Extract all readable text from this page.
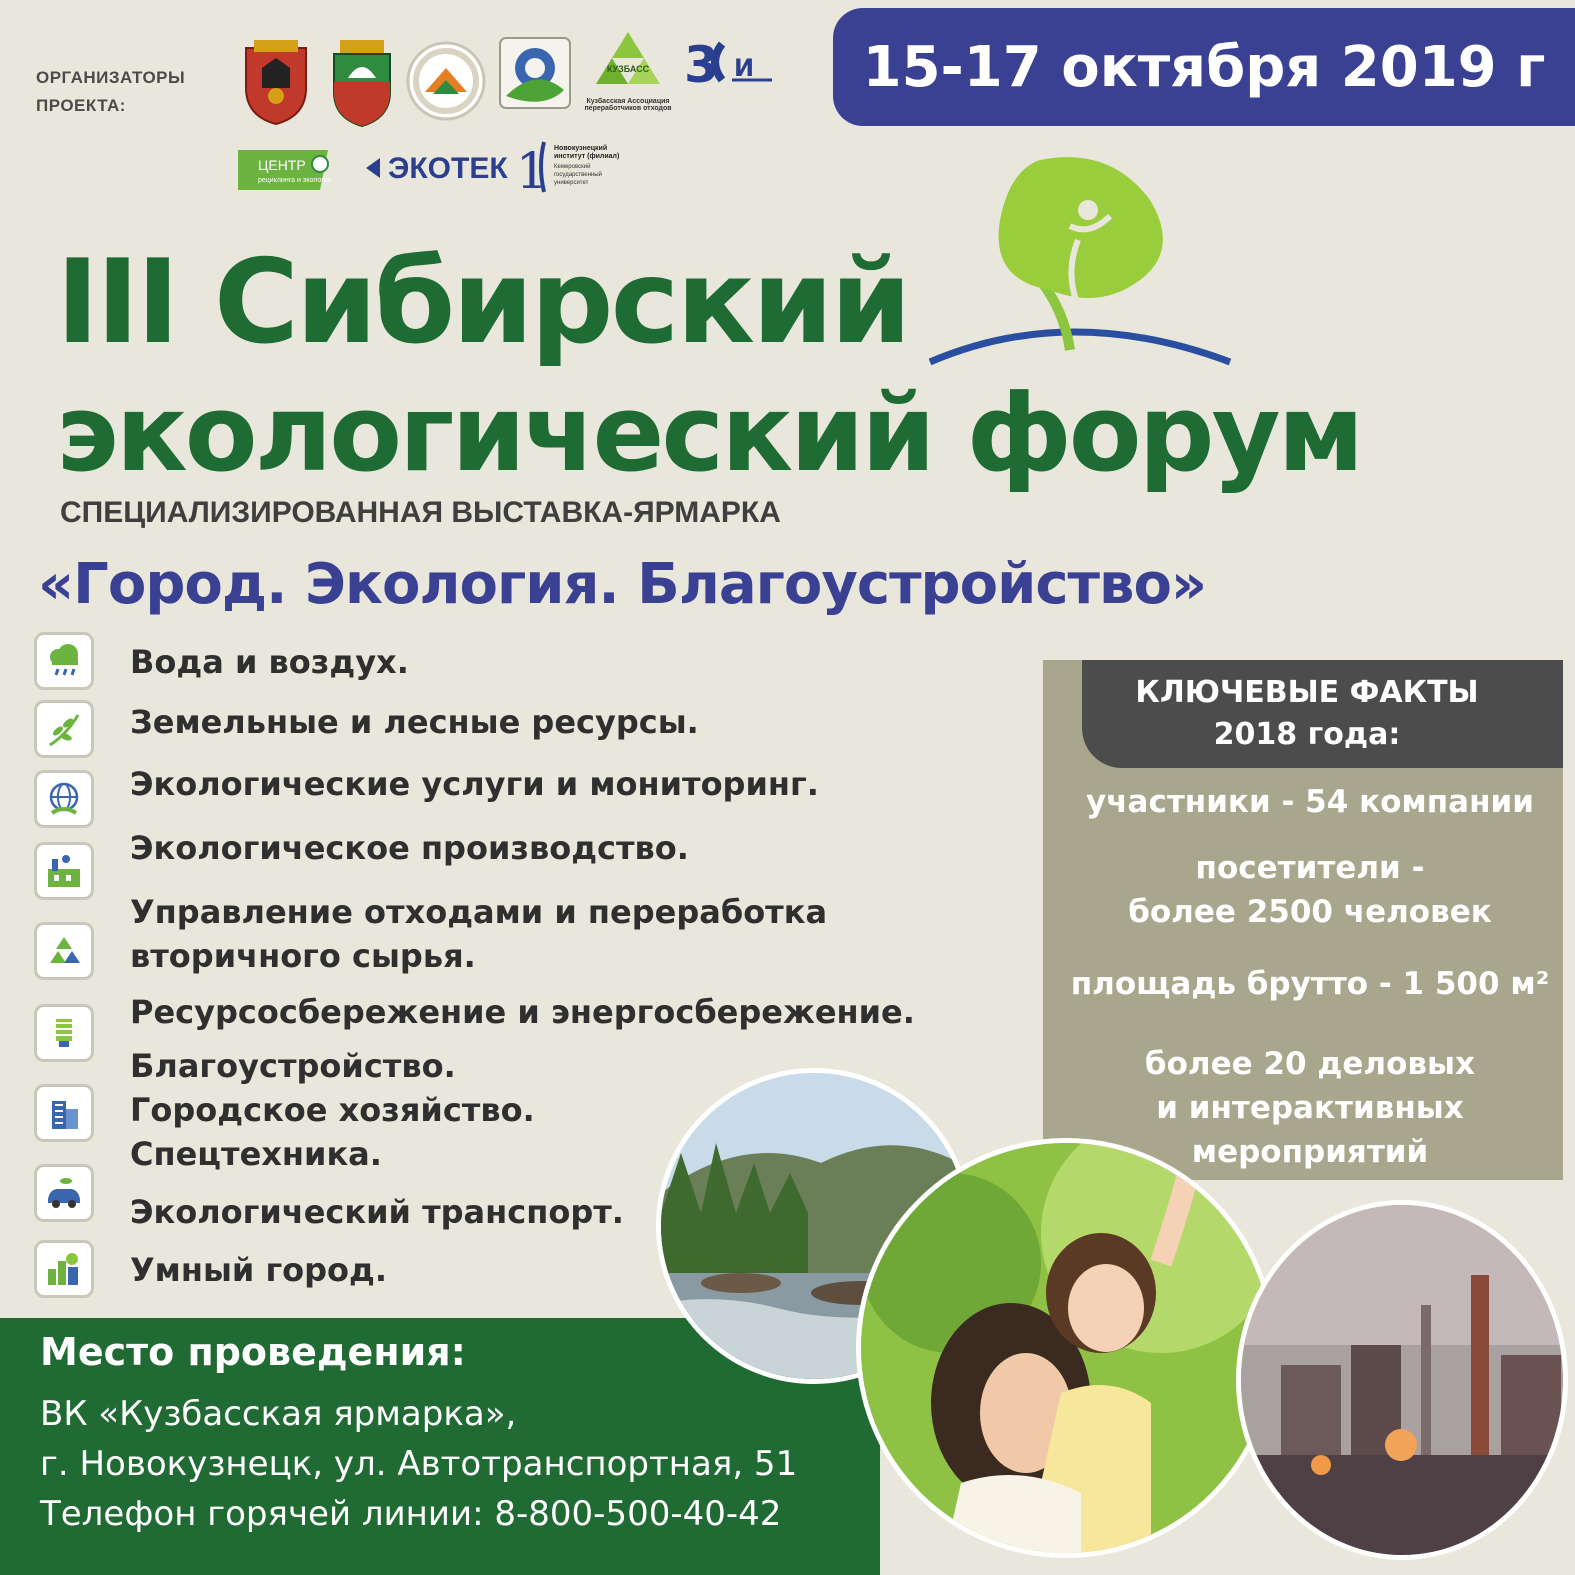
ОРГАНИЗАТОРЫ
ПРОЕКТА:
КУЗБАСС
Кузбасская Ассоциация переработчиков отходов
3 И
ЦЕНТР
рециклинга и экологии ЭКОТЕК 1 Новокузнецкий
институт (филиал)
Кемеровский
государственный
университет
15-17 октября 2019 г
III Сибирский
экологический форум
СПЕЦИАЛИЗИРОВАННАЯ ВЫСТАВКА-ЯРМАРКА
«Город. Экология. Благоустройство»
Вода и воздух.
Земельные и лесные ресурсы.
Экологические услуги и мониторинг.
Экологическое производство.
Управление отходами и переработка
вторичного сырья.
Ресурсосбережение и энергосбережение.
Благоустройство.
Городское хозяйство.
Спецтехника.
Экологический транспорт.
Умный город.
КЛЮЧЕВЫЕ ФАКТЫ
2018 года:
участники - 54 компании
посетители -
более 2500 человек
площадь брутто - 1 500 м²
более 20 деловых
и интерактивных
мероприятий
Место проведения:
ВК «Кузбасская ярмарка»,
г. Новокузнецк, ул. Автотранспортная, 51
Телефон горячей линии: 8-800-500-40-42
